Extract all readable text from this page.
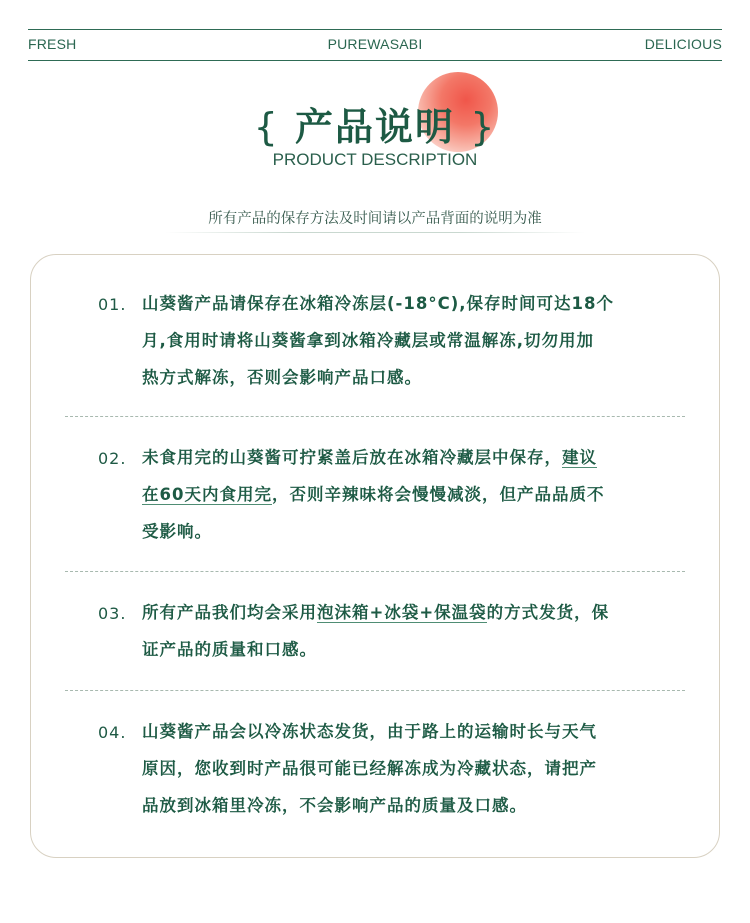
FRESH	PUREWASABI	DELICIOUS
{ 产品说明 }
PRODUCT DESCRIPTION
所有产品的保存方法及时间请以产品背面的说明为准
01. 山葵酱产品请保存在冰箱冷冻层(-18°C),保存时间可达18个
月,食用时请将山葵酱拿到冰箱冷藏层或常温解冻,切勿用加
热方式解冻，否则会影响产品口感。
02. 未食用完的山葵酱可拧紧盖后放在冰箱冷藏层中保存，建议
在60天内食用完，否则辛辣味将会慢慢减淡，但产品品质不
受影响。
03. 所有产品我们均会采用泡沫箱+冰袋+保温袋的方式发货，保
证产品的质量和口感。
04. 山葵酱产品会以冷冻状态发货，由于路上的运输时长与天气
原因，您收到时产品很可能已经解冻成为冷藏状态，请把产
品放到冰箱里冷冻，不会影响产品的质量及口感。
